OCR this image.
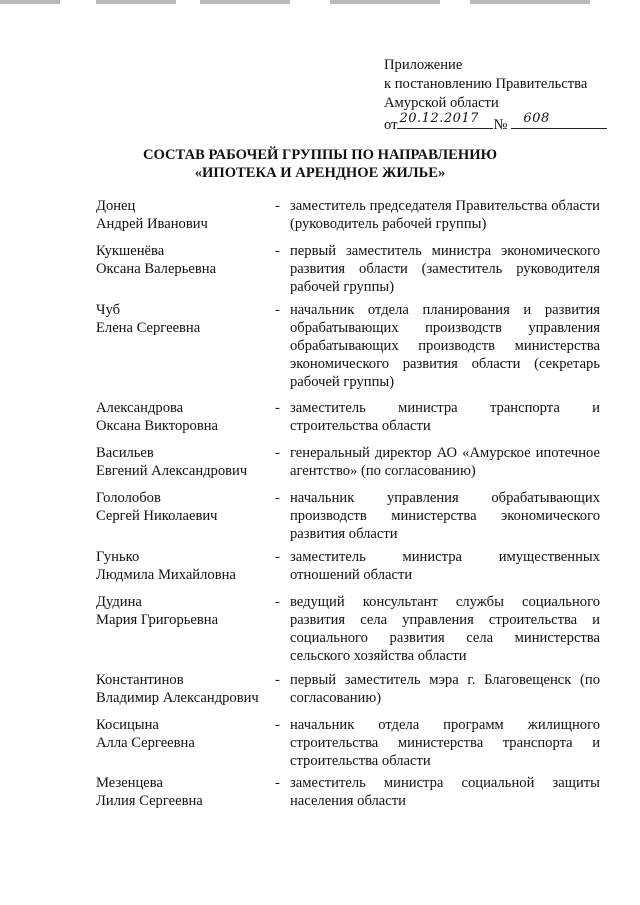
Приложение
к постановлению Правительства
Амурской области
от 20.12.2017 № 608
СОСТАВ РАБОЧЕЙ ГРУППЫ ПО НАПРАВЛЕНИЮ
«ИПОТЕКА И АРЕНДНОЕ ЖИЛЬЕ»
Донец
Андрей Иванович
- заместитель председателя Правительства области (руководитель рабочей группы)
Кукшенёва
Оксана Валерьевна
- первый заместитель министра экономического развития области (заместитель руководителя рабочей группы)
Чуб
Елена Сергеевна
- начальник отдела планирования и развития обрабатывающих производств управления обрабатывающих производств министерства экономического развития области (секретарь рабочей группы)
Александрова
Оксана Викторовна
- заместитель министра транспорта и строительства области
Васильев
Евгений Александрович
- генеральный директор АО «Амурское ипотечное агентство» (по согласованию)
Гололобов
Сергей Николаевич
- начальник управления обрабатывающих производств министерства экономического развития области
Гунько
Людмила Михайловна
- заместитель министра имущественных отношений области
Дудина
Мария Григорьевна
- ведущий консультант службы социального развития села управления строительства и социального развития села министерства сельского хозяйства области
Константинов
Владимир Александрович
- первый заместитель мэра г. Благовещенск (по согласованию)
Косицына
Алла Сергеевна
- начальник отдела программ жилищного строительства министерства транспорта и строительства области
Мезенцева
Лилия Сергеевна
- заместитель министра социальной защиты населения области
